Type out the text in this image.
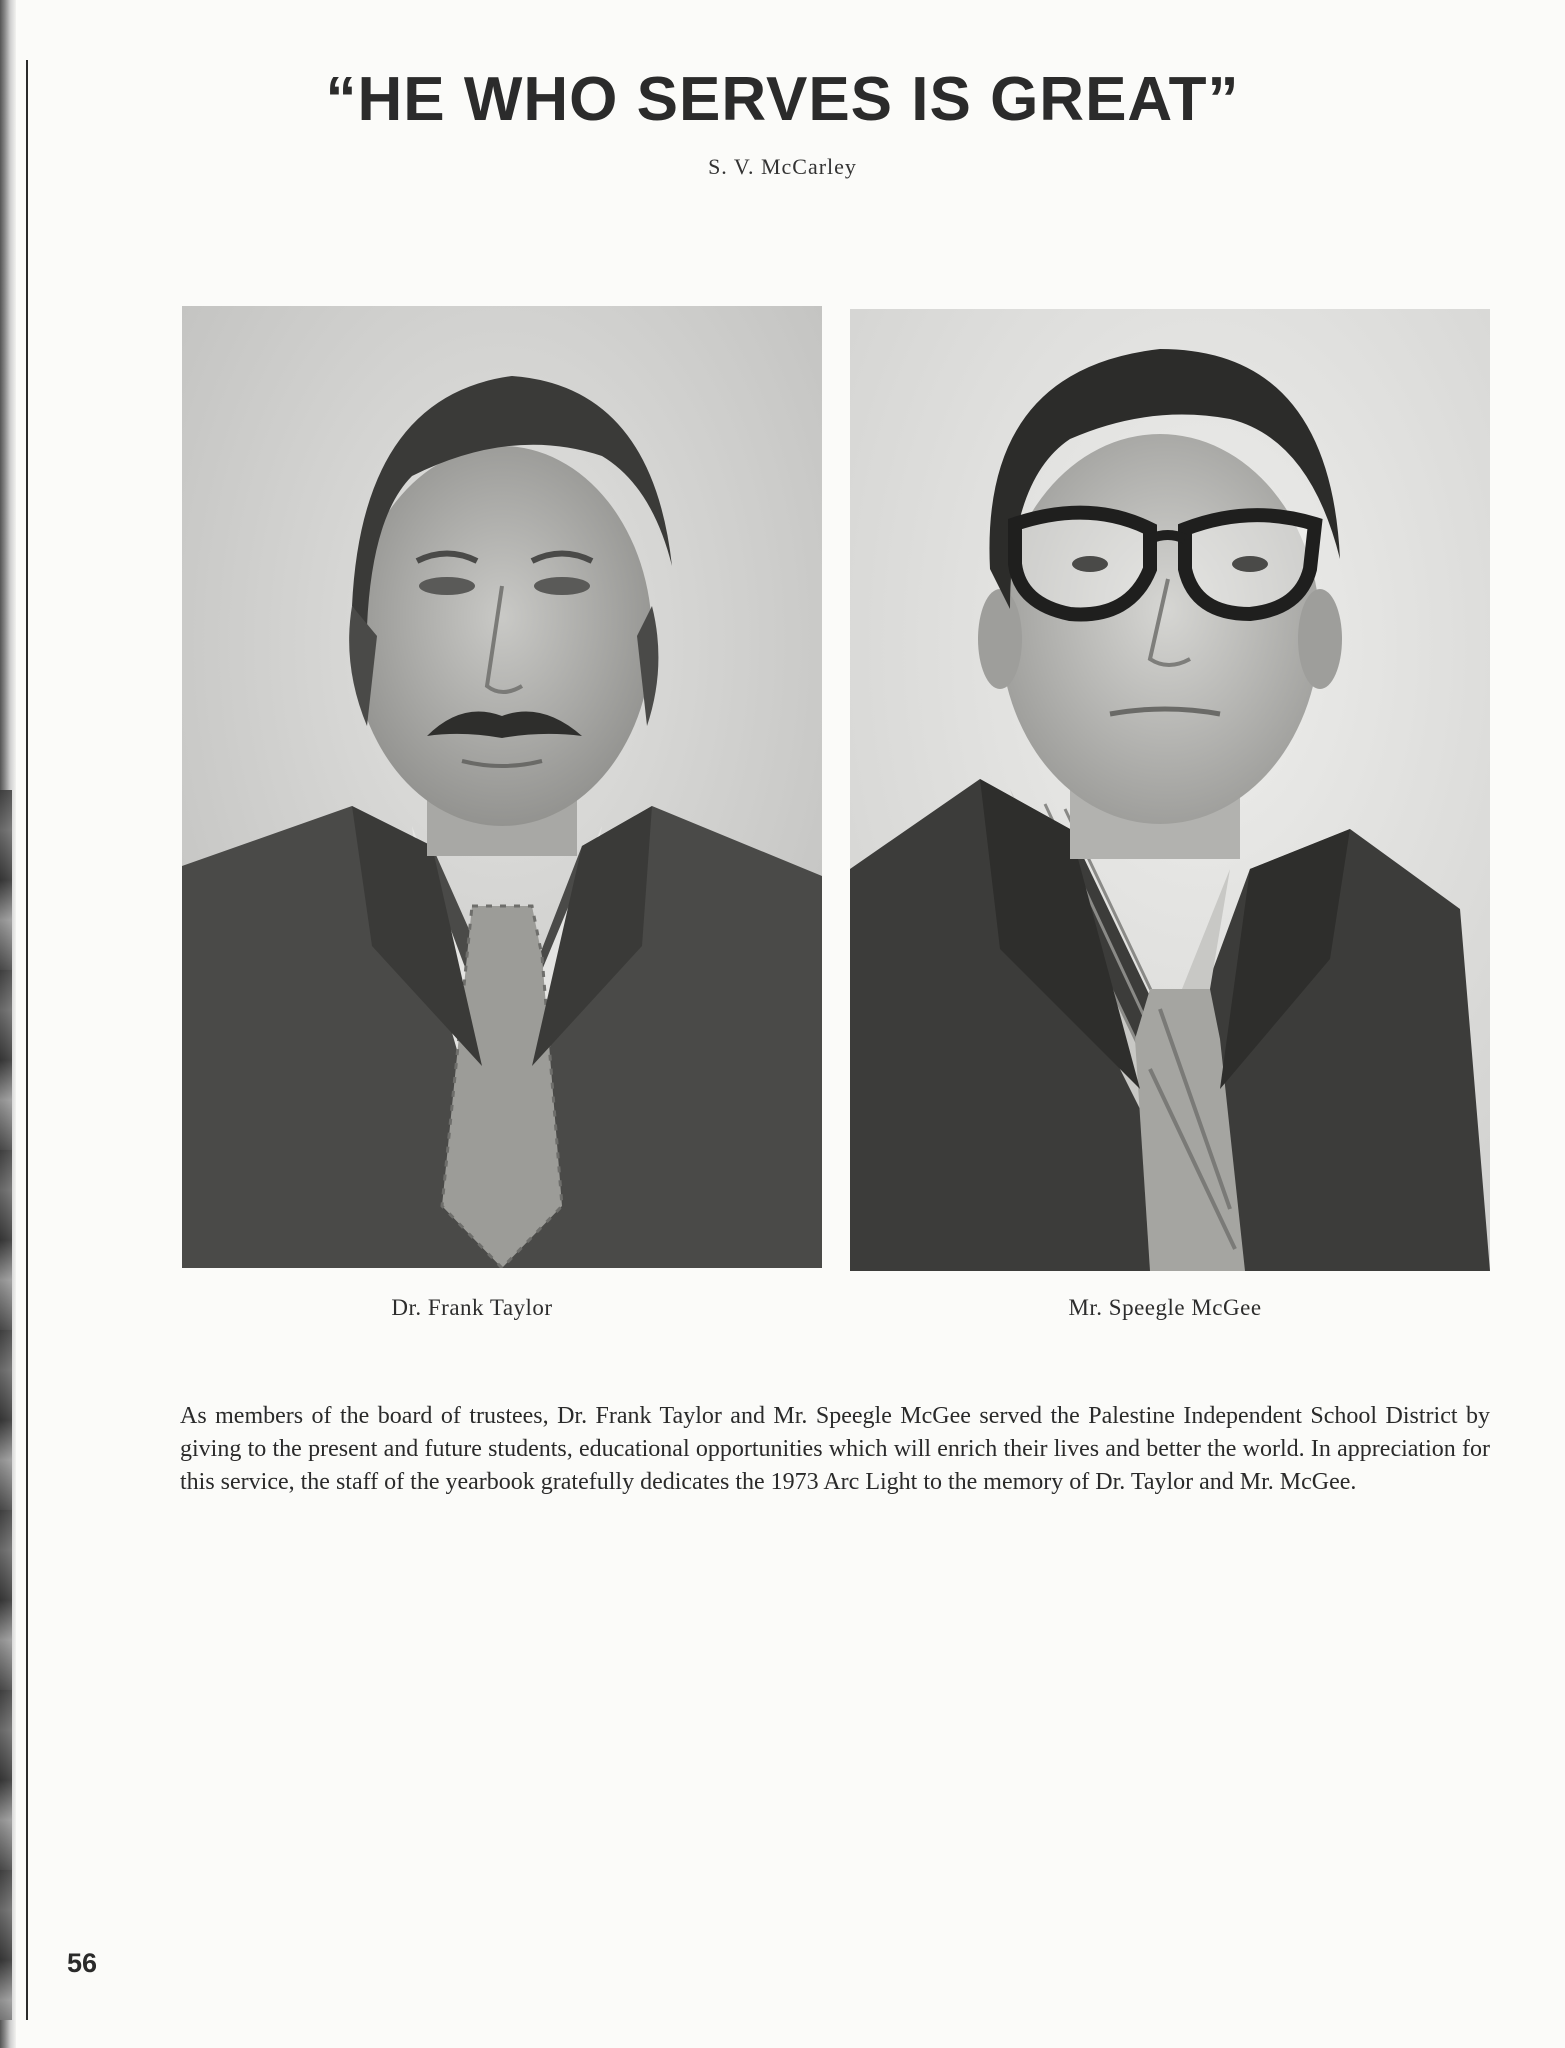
“HE WHO SERVES IS GREAT”
S. V. McCarley
Dr. Frank Taylor	Mr. Speegle McGee

As members of the board of trustees, Dr. Frank Taylor and Mr. Speegle McGee served the Palestine Independent School District by giving to the present and future students, educational opportunities which will enrich their lives and better the world. In appreciation for this service, the staff of the yearbook gratefully dedicates the 1973 Arc Light to the memory of Dr. Taylor and Mr. McGee.

56
